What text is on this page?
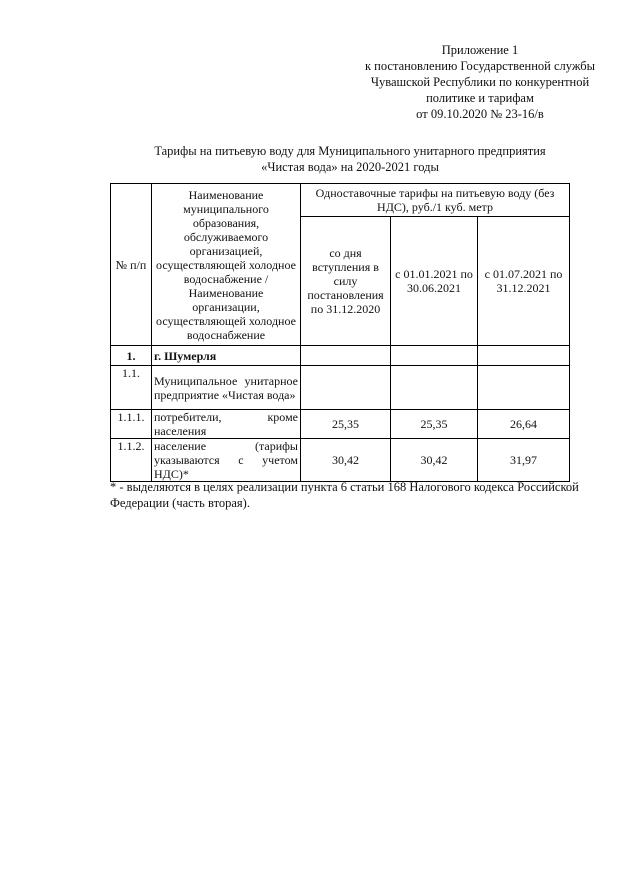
Приложение 1
к постановлению Государственной службы
Чувашской Республики по конкурентной
политике и тарифам
от 09.10.2020 № 23-16/в
Тарифы на питьевую воду для Муниципального унитарного предприятия
«Чистая вода» на 2020-2021 годы
№ п/п	Наименование муниципального образования, обслуживаемого организацией, осуществляющей холодное водоснабжение / Наименование организации, осуществляющей холодное водоснабжение	Одноставочные тарифы на питьевую воду (без НДС), руб./1 куб. метр		
		со дня вступления в силу постановления по 31.12.2020	с 01.01.2021 по 30.06.2021	с 01.07.2021 по 31.12.2021
1.	г. Шумерля			
1.1.	Муниципальное унитарное предприятие «Чистая вода»			
1.1.1.	потребители, кроме населения	25,35	25,35	26,64
1.1.2.	население (тарифы указываются с учетом НДС)*	30,42	30,42	31,97
* - выделяются в целях реализации пункта 6 статьи 168 Налогового кодекса Российской Федерации (часть вторая).
